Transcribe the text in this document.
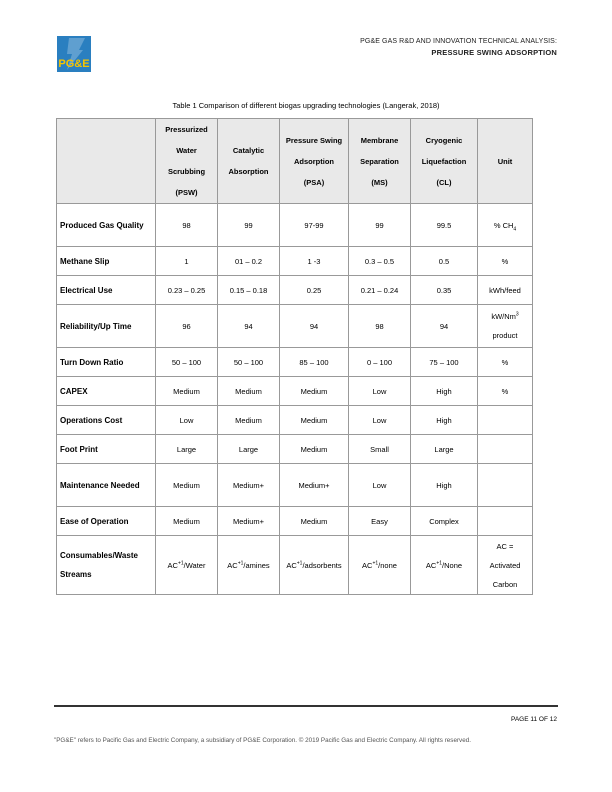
PG&E
PG&E GAS R&D AND INNOVATION TECHNICAL ANALYSIS:
PRESSURE SWING ADSORPTION
Table 1 Comparison of different biogas upgrading technologies (Langerak, 2018)
	Pressurized Water Scrubbing (PSW)	Catalytic Absorption	Pressure Swing Adsorption (PSA)	Membrane Separation (MS)	Cryogenic Liquefaction (CL)	Unit
Produced Gas Quality	98	99	97-99	99	99.5	% $CH_4$
Methane Slip	1	01 – 0.2	1 -3	0.3 – 0.5	0.5	%
Electrical Use	0.23 – 0.25	0.15 – 0.18	0.25	0.21 – 0.24	0.35	kWh/feed
Reliability/Up Time	96	94	94	98	94	kW/Nm$^3$
product
Turn Down Ratio	50 – 100	50 – 100	85 – 100	0 – 100	75 – 100	%
CAPEX	Medium	Medium	Medium	Low	High	%
Operations Cost	Low	Medium	Medium	Low	High	
Foot Print	Large	Large	Medium	Small	Large	
Maintenance Needed	Medium	Medium+	Medium+	Low	High	
Ease of Operation	Medium	Medium+	Medium	Easy	Complex	
Consumables/Waste Streams	$AC^{+1}$/Water	$AC^{+1}$/amines	$AC^{+1}$/adsorbents	$AC^{+1}$/none	$AC^{+1}$/None	AC =
Activated
Carbon
PAGE 11 OF 12
"PG&E" refers to Pacific Gas and Electric Company, a subsidiary of PG&E Corporation. © 2019 Pacific Gas and Electric Company. All rights reserved.
